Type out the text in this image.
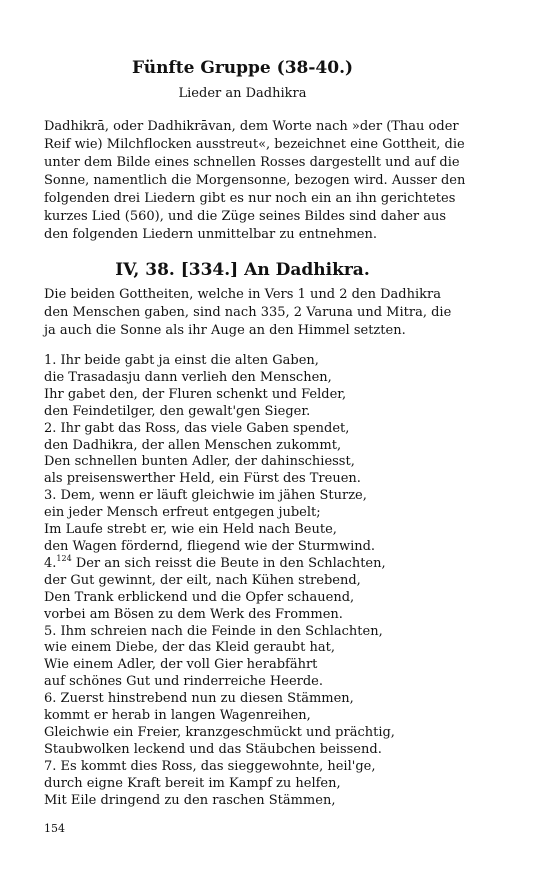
Fünfte Gruppe (38-40.)
Lieder an Dadhikra
Dadhikrā, oder Dadhikrāvan, dem Worte nach »der (Thau oder
Reif wie) Milchflocken ausstreut«, bezeichnet eine Gottheit, die
unter dem Bilde eines schnellen Rosses dargestellt und auf die
Sonne, namentlich die Morgensonne, bezogen wird. Ausser den
folgenden drei Liedern gibt es nur noch ein an ihn gerichtetes
kurzes Lied (560), und die Züge seines Bildes sind daher aus
den folgenden Liedern unmittelbar zu entnehmen.
IV, 38. [334.] An Dadhikra.
Die beiden Gottheiten, welche in Vers 1 und 2 den Dadhikra
den Menschen gaben, sind nach 335, 2 Varuna und Mitra, die
ja auch die Sonne als ihr Auge an den Himmel setzten.
1. Ihr beide gabt ja einst die alten Gaben,
die Trasadasju dann verlieh den Menschen,
Ihr gabet den, der Fluren schenkt und Felder,
den Feindetilger, den gewalt'gen Sieger.
2. Ihr gabt das Ross, das viele Gaben spendet,
den Dadhikra, der allen Menschen zukommt,
Den schnellen bunten Adler, der dahinschiesst,
als preisenswerther Held, ein Fürst des Treuen.
3. Dem, wenn er läuft gleichwie im jähen Sturze,
ein jeder Mensch erfreut entgegen jubelt;
Im Laufe strebt er, wie ein Held nach Beute,
den Wagen fördernd, fliegend wie der Sturmwind.
4.$^{124}$ Der an sich reisst die Beute in den Schlachten,
der Gut gewinnt, der eilt, nach Kühen strebend,
Den Trank erblickend und die Opfer schauend,
vorbei am Bösen zu dem Werk des Frommen.
5. Ihm schreien nach die Feinde in den Schlachten,
wie einem Diebe, der das Kleid geraubt hat,
Wie einem Adler, der voll Gier herabfährt
auf schönes Gut und rinderreiche Heerde.
6. Zuerst hinstrebend nun zu diesen Stämmen,
kommt er herab in langen Wagenreihen,
Gleichwie ein Freier, kranzgeschmückt und prächtig,
Staubwolken leckend und das Stäubchen beissend.
7. Es kommt dies Ross, das sieggewohnte, heil'ge,
durch eigne Kraft bereit im Kampf zu helfen,
Mit Eile dringend zu den raschen Stämmen,
154
